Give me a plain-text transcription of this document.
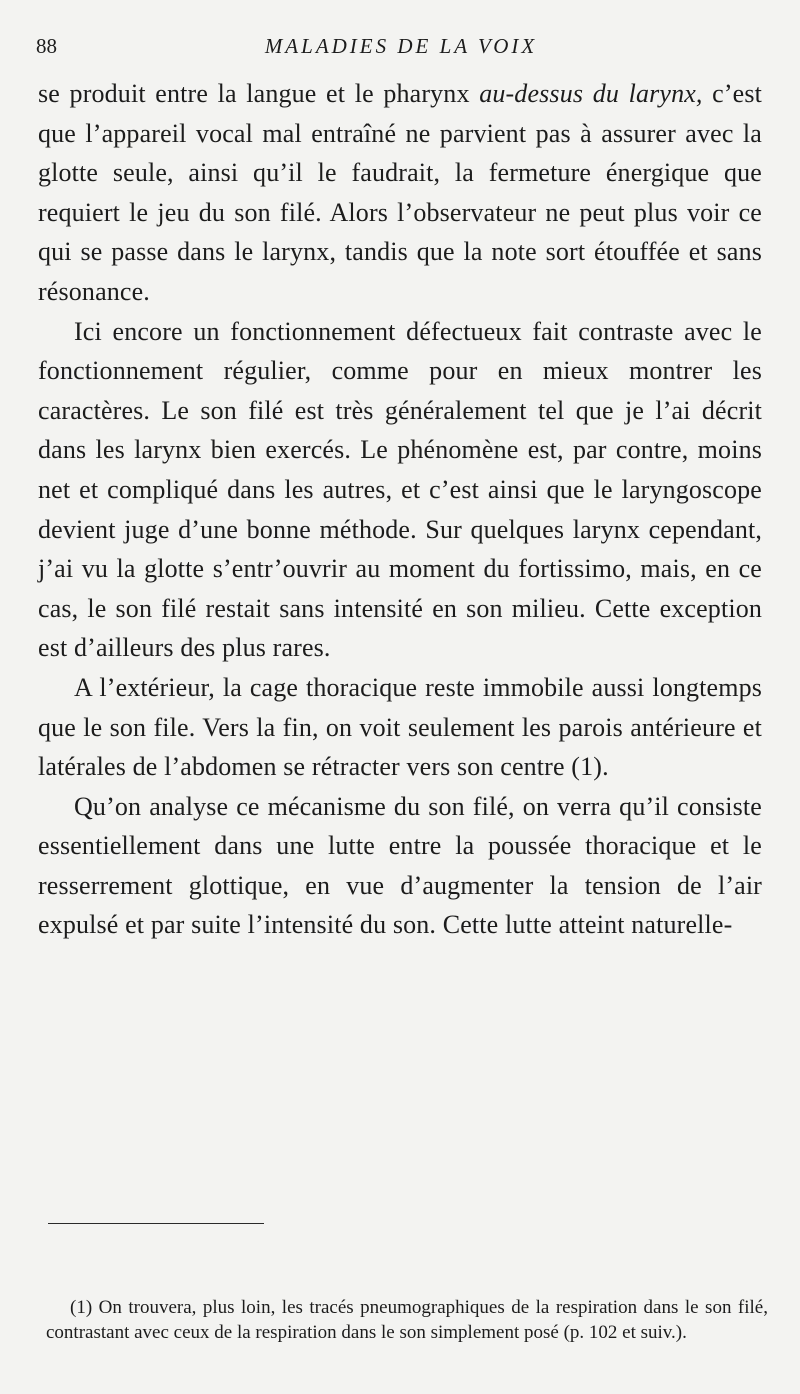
88	MALADIES DE LA VOIX

se produit entre la langue et le pharynx au-dessus du larynx, c’est que l’appareil vocal mal entraîné ne parvient pas à assurer avec la glotte seule, ainsi qu’il le faudrait, la fermeture énergique que requiert le jeu du son filé. Alors l’observateur ne peut plus voir ce qui se passe dans le larynx, tandis que la note sort étouffée et sans résonance.

Ici encore un fonctionnement défectueux fait contraste avec le fonctionnement régulier, comme pour en mieux montrer les caractères. Le son filé est très généralement tel que je l’ai décrit dans les larynx bien exercés. Le phénomène est, par contre, moins net et compliqué dans les autres, et c’est ainsi que le laryngoscope devient juge d’une bonne méthode. Sur quelques larynx cependant, j’ai vu la glotte s’entr’ouvrir au moment du fortissimo, mais, en ce cas, le son filé restait sans intensité en son milieu. Cette exception est d’ailleurs des plus rares.

A l’extérieur, la cage thoracique reste immobile aussi longtemps que le son file. Vers la fin, on voit seulement les parois antérieure et latérales de l’abdomen se rétracter vers son centre (1).

Qu’on analyse ce mécanisme du son filé, on verra qu’il consiste essentiellement dans une lutte entre la poussée thoracique et le resserrement glottique, en vue d’augmenter la tension de l’air expulsé et par suite l’intensité du son. Cette lutte atteint naturelle-

(1) On trouvera, plus loin, les tracés pneumographiques de la respiration dans le son filé, contrastant avec ceux de la respiration dans le son simplement posé (p. 102 et suiv.).
